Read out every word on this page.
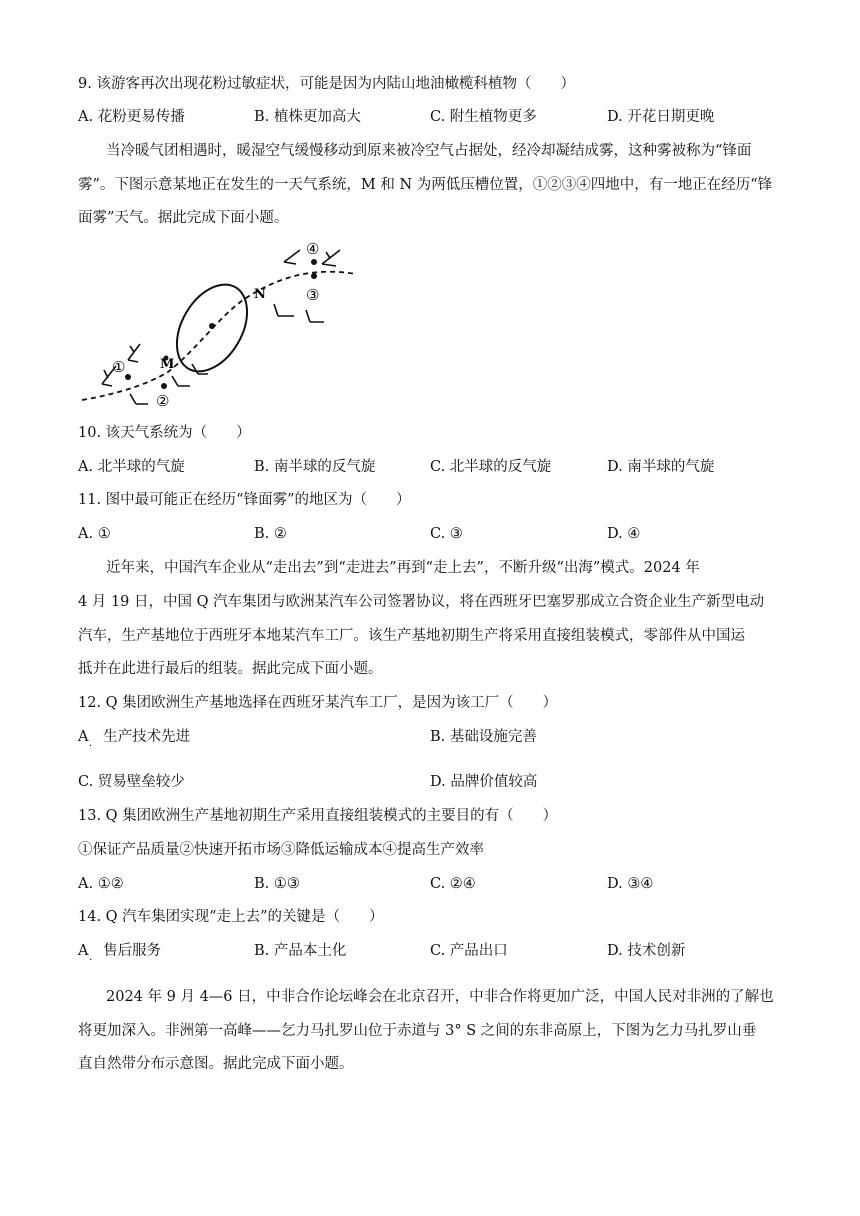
9. 该游客再次出现花粉过敏症状，可能是因为内陆山地油橄榄科植物（　　）
A. 花粉更易传播	B. 植株更加高大	C. 附生植物更多	D. 开花日期更晚
当冷暖气团相遇时，暖湿空气缓慢移动到原来被冷空气占据处，经冷却凝结成雾，这种雾被称为“锋面
雾”。下图示意某地正在发生的一天气系统，M 和 N 为两低压槽位置，①②③④四地中，有一地正在经历“锋
面雾”天气。据此完成下面小题。
M
N
①
②
③
④
10. 该天气系统为（　　）
A. 北半球的气旋	B. 南半球的反气旋	C. 北半球的反气旋	D. 南半球的气旋
11. 图中最可能正在经历“锋面雾”的地区为（　　）
A. ①	B. ②	C. ③	D. ④
近年来，中国汽车企业从“走出去”到“走进去”再到“走上去”，不断升级“出海”模式。2024 年
4 月 19 日，中国 Q 汽车集团与欧洲某汽车公司签署协议，将在西班牙巴塞罗那成立合资企业生产新型电动
汽车，生产基地位于西班牙本地某汽车工厂。该生产基地初期生产将采用直接组装模式，零部件从中国运
抵并在此进行最后的组装。据此完成下面小题。
12. Q 集团欧洲生产基地选择在西班牙某汽车工厂，是因为该工厂（　　）
A 生产技术先进
·
B. 基础设施完善
C. 贸易壁垒较少	D. 品牌价值较高
13. Q 集团欧洲生产基地初期生产采用直接组装模式的主要目的有（　　）
①保证产品质量②快速开拓市场③降低运输成本④提高生产效率
A. ①②	B. ①③	C. ②④	D. ③④
14. Q 汽车集团实现“走上去”的关键是（　　）
A 售后服务
·
B. 产品本土化	C. 产品出口	D. 技术创新
2024 年 9 月 4—6 日，中非合作论坛峰会在北京召开，中非合作将更加广泛，中国人民对非洲的了解也
将更加深入。非洲第一高峰——乞力马扎罗山位于赤道与 3° S 之间的东非高原上，下图为乞力马扎罗山垂
直自然带分布示意图。据此完成下面小题。
